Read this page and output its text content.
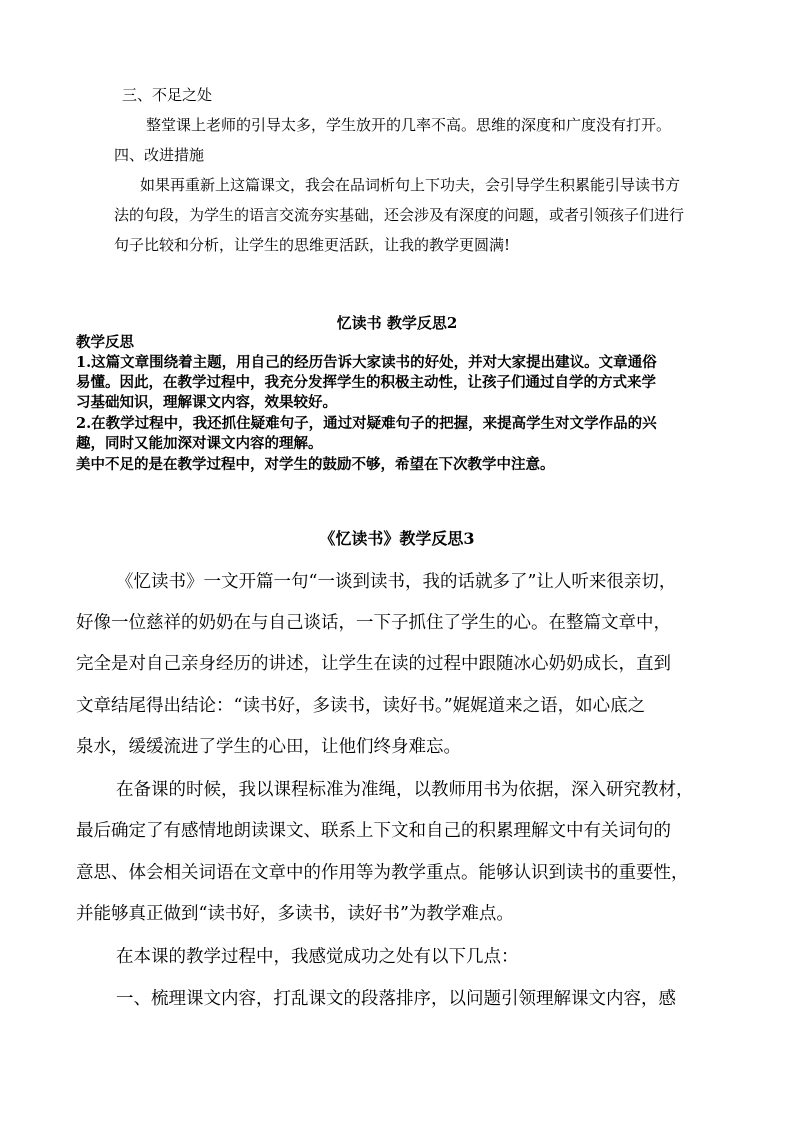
三、不足之处

整堂课上老师的引导太多，学生放开的几率不高。思维的深度和广度没有打开。

四、改进措施

如果再重新上这篇课文，我会在品词析句上下功夫，会引导学生积累能引导读书方

法的句段，为学生的语言交流夯实基础，还会涉及有深度的问题，或者引领孩子们进行

句子比较和分析，让学生的思维更活跃，让我的教学更圆满!

忆读书 教学反思2

教学反思

1.这篇文章围绕着主题，用自己的经历告诉大家读书的好处，并对大家提出建议。文章通俗

易懂。因此，在教学过程中，我充分发挥学生的积极主动性，让孩子们通过自学的方式来学

习基础知识，理解课文内容，效果较好。

2.在教学过程中，我还抓住疑难句子，通过对疑难句子的把握，来提高学生对文学作品的兴

趣，同时又能加深对课文内容的理解。

美中不足的是在教学过程中，对学生的鼓励不够，希望在下次教学中注意。

《忆读书》教学反思3

《忆读书》一文开篇一句“一谈到读书，我的话就多了”让人听来很亲切，

好像一位慈祥的奶奶在与自己谈话，一下子抓住了学生的心。在整篇文章中，

完全是对自己亲身经历的讲述，让学生在读的过程中跟随冰心奶奶成长，直到

文章结尾得出结论：“读书好，多读书，读好书。”娓娓道来之语，如心底之

泉水，缓缓流进了学生的心田，让他们终身难忘。

在备课的时候，我以课程标准为准绳，以教师用书为依据，深入研究教材，

最后确定了有感情地朗读课文、联系上下文和自己的积累理解文中有关词句的

意思、体会相关词语在文章中的作用等为教学重点。能够认识到读书的重要性，

并能够真正做到“读书好，多读书，读好书”为教学难点。

在本课的教学过程中，我感觉成功之处有以下几点：

一、梳理课文内容，打乱课文的段落排序，以问题引领理解课文内容，感
